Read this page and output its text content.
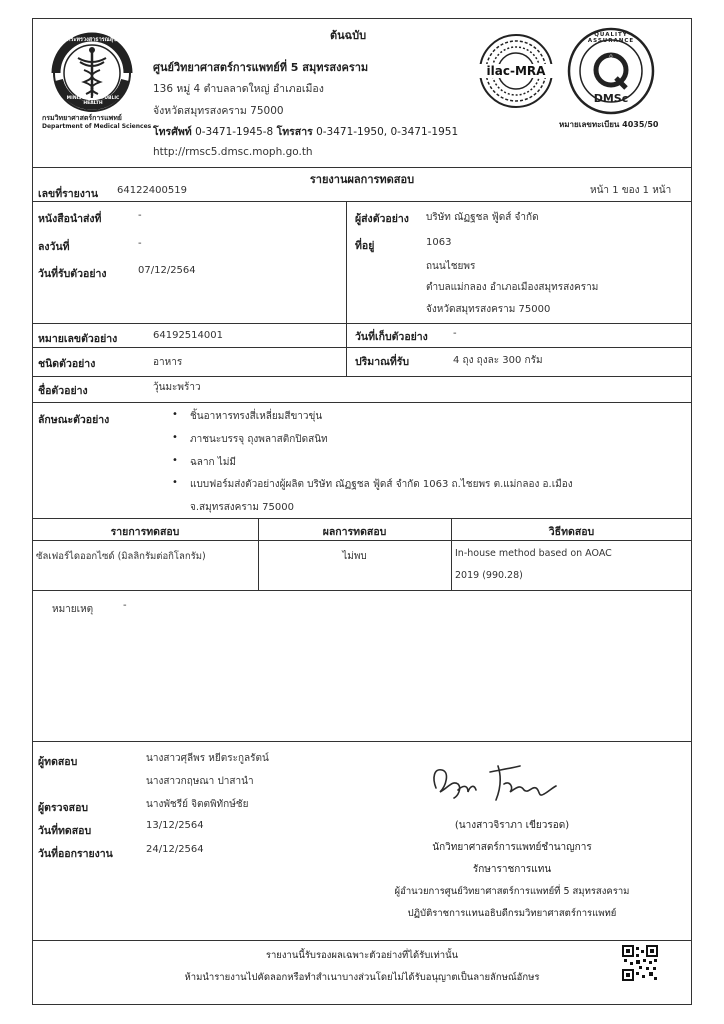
ต้นฉบับ
กระทรวงสาธารณสุข
MINISTRY OF PUBLIC HEALTH
กรมวิทยาศาสตร์การแพทย์
Department of Medical Sciences
ศูนย์วิทยาศาสตร์การแพทย์ที่ 5 สมุทรสงคราม
136 หมู่ 4 ตำบลลาดใหญ่ อำเภอเมือง
จังหวัดสมุทรสงคราม 75000
โทรศัพท์ 0-3471-1945-8 โทรสาร 0-3471-1950, 0-3471-1951
http://rmsc5.dmsc.moph.go.th
ilac-MRA
QUALITY ASSURANCE
Q
DMSc
หมายเลขทะเบียน 4035/50
รายงานผลการทดสอบ
เลขที่รายงาน 64122400519	หน้า 1 ของ 1 หน้า
หนังสือนำส่งที่	-
ลงวันที่	-
วันที่รับตัวอย่าง	07/12/2564
ผู้ส่งตัวอย่าง บริษัท ณัฏฐชล ฟู้ดส์ จำกัด
ที่อยู่	1063
ถนนไชยพร
ตำบลแม่กลอง อำเภอเมืองสมุทรสงคราม
จังหวัดสมุทรสงคราม 75000
หมายเลขตัวอย่าง	64192514001	วันที่เก็บตัวอย่าง	-
ชนิดตัวอย่าง	อาหาร	ปริมาณที่รับ	4 ถุง ถุงละ 300 กรัม
ชื่อตัวอย่าง	วุ้นมะพร้าว
ลักษณะตัวอย่าง	• ชิ้นอาหารทรงสี่เหลี่ยมสีขาวขุ่น
• ภาชนะบรรจุ ถุงพลาสติกปิดสนิท
• ฉลาก ไม่มี
• แบบฟอร์มส่งตัวอย่างผู้ผลิต บริษัท ณัฏฐชล ฟู้ดส์ จำกัด 1063 ถ.ไชยพร ต.แม่กลอง อ.เมือง
จ.สมุทรสงคราม 75000
รายการทดสอบ	ผลการทดสอบ	วิธีทดสอบ
ซัลเฟอร์ไดออกไซด์ (มิลลิกรัมต่อกิโลกรัม)	ไม่พบ	In-house method based on AOAC
2019 (990.28)
หมายเหตุ	-
ผู้ทดสอบ	นางสาวศุลีพร หยีตระกูลรัตน์
นางสาวกฤษณา ปาสานำ
ผู้ตรวจสอบ	นางพัชรีย์ จิตตพิทักษ์ชัย
วันที่ทดสอบ	13/12/2564
วันที่ออกรายงาน	24/12/2564
(นางสาวจิราภา เขียวรอด)
นักวิทยาศาสตร์การแพทย์ชำนาญการ
รักษาราชการแทน
ผู้อำนวยการศูนย์วิทยาศาสตร์การแพทย์ที่ 5 สมุทรสงคราม
ปฏิบัติราชการแทนอธิบดีกรมวิทยาศาสตร์การแพทย์
รายงานนี้รับรองผลเฉพาะตัวอย่างที่ได้รับเท่านั้น
ห้ามนำรายงานไปคัดลอกหรือทำสำเนาบางส่วนโดยไม่ได้รับอนุญาตเป็นลายลักษณ์อักษร
